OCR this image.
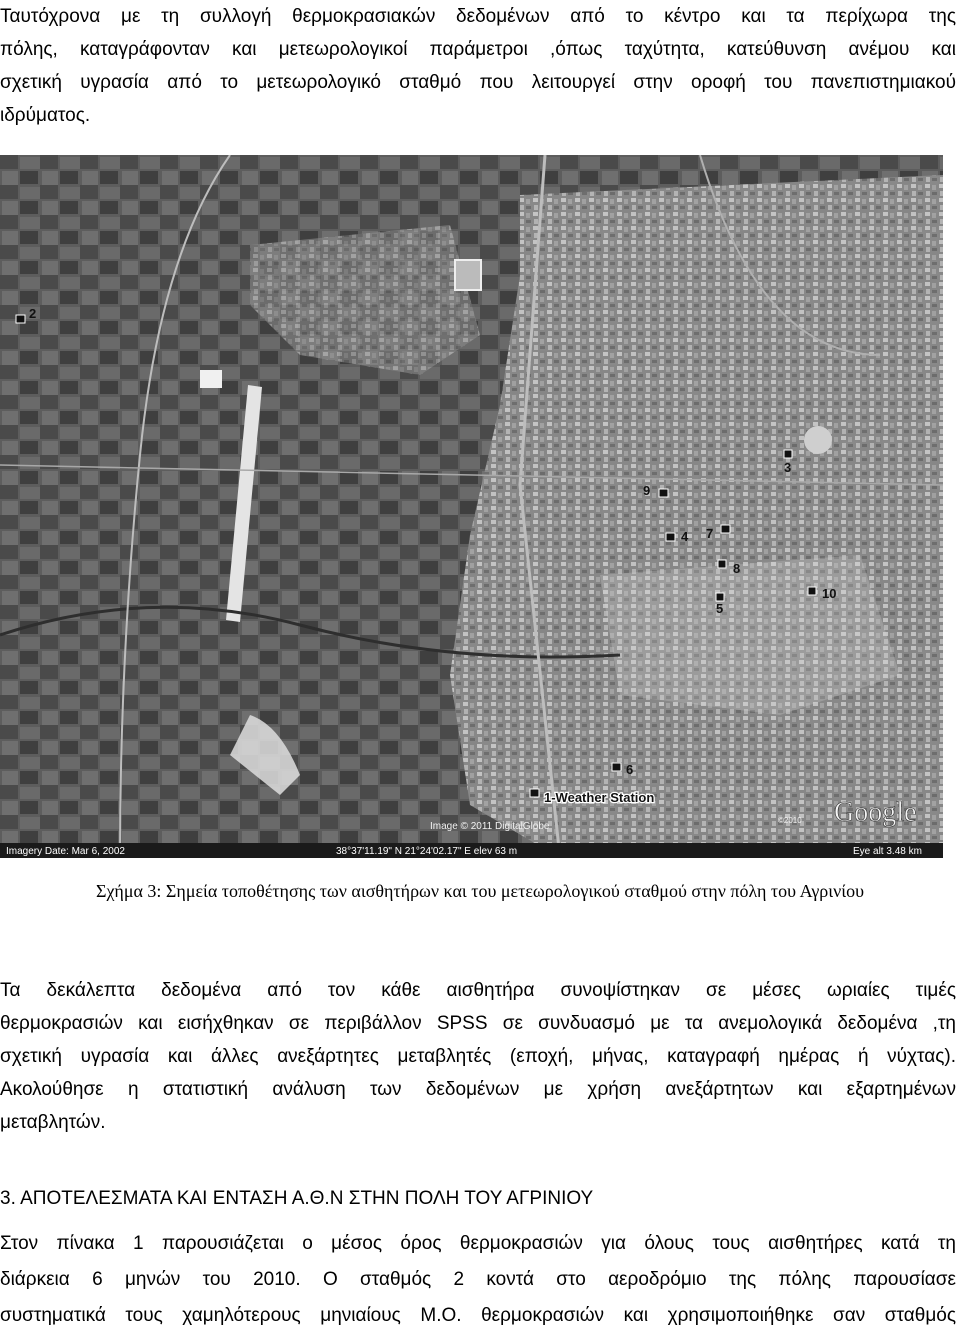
Ταυτόχρονα με τη συλλογή θερμοκρασιακών δεδομένων από το κέντρο και τα περίχωρα της
πόλης, καταγράφονταν και μετεωρολογικοί παράμετροι ,όπως ταχύτητα, κατεύθυνση ανέμου και
σχετική υγρασία από το μετεωρολογικό σταθμό που λειτουργεί στην οροφή του πανεπιστημιακού
ιδρύματος.
2
3
9
4 7
8
5
10
6
1-Weather Station
Image © 2011 DigitalGlobe
©2010 Google
Imagery Date: Mar 6, 2002	38°37'11.19" N 21°24'02.17" E elev 63 m	Eye alt 3.48 km
Σχήμα 3: Σημεία τοποθέτησης των αισθητήρων και του μετεωρολογικού σταθμού στην πόλη του Αγρινίου
Τα δεκάλεπτα δεδομένα από τον κάθε αισθητήρα συνοψίστηκαν σε μέσες ωριαίες τιμές
θερμοκρασιών και εισήχθηκαν σε περιβάλλον SPSS σε συνδυασμό με τα ανεμολογικά δεδομένα ,τη
σχετική υγρασία και άλλες ανεξάρτητες μεταβλητές (εποχή, μήνας, καταγραφή ημέρας ή νύχτας).
Ακολούθησε η στατιστική ανάλυση των δεδομένων με χρήση ανεξάρτητων και εξαρτημένων
μεταβλητών.
3. ΑΠΟΤΕΛΕΣΜΑΤΑ ΚΑΙ ΕΝΤΑΣΗ Α.Θ.Ν ΣΤΗΝ ΠΟΛΗ ΤΟΥ ΑΓΡΙΝΙΟΥ
Στον πίνακα 1 παρουσιάζεται ο μέσος όρος θερμοκρασιών για όλους τους αισθητήρες κατά τη
διάρκεια 6 μηνών του 2010. Ο σταθμός 2 κοντά στο αεροδρόμιο της πόλης παρουσίασε
συστηματικά τους χαμηλότερους μηνιαίους Μ.Ο. θερμοκρασιών και χρησιμοποιήθηκε σαν σταθμός
